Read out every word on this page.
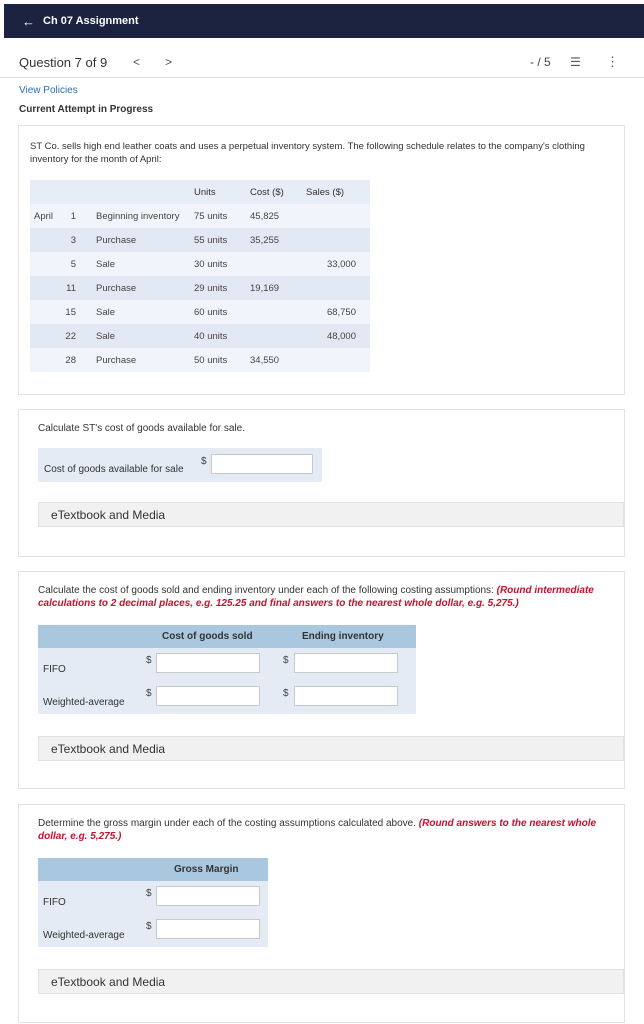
← Ch 07 Assignment
Question 7 of 9 < >	- / 5 ☰ ⋮
View Policies
Current Attempt in Progress
ST Co. sells high end leather coats and uses a perpetual inventory system. The following schedule relates to the company's clothing inventory for the month of April:
			Units	Cost ($)	Sales ($)
April	1	Beginning inventory	75 units	45,825	
	3	Purchase	55 units	35,255	
	5	Sale	30 units		33,000
	11	Purchase	29 units	19,169	
	15	Sale	60 units		68,750
	22	Sale	40 units		48,000
	28	Purchase	50 units	34,550	
Calculate ST's cost of goods available for sale.
Cost of goods available for sale
$
eTextbook and Media
Calculate the cost of goods sold and ending inventory under each of the following costing assumptions: (Round intermediate calculations to 2 decimal places, e.g. 125.25 and final answers to the nearest whole dollar, e.g. 5,275.)
Cost of goods sold	Ending inventory
FIFO
$	$
Weighted-average
$	$
eTextbook and Media
Determine the gross margin under each of the costing assumptions calculated above. (Round answers to the nearest whole dollar, e.g. 5,275.)
Gross Margin
FIFO
$
Weighted-average
$
eTextbook and Media
